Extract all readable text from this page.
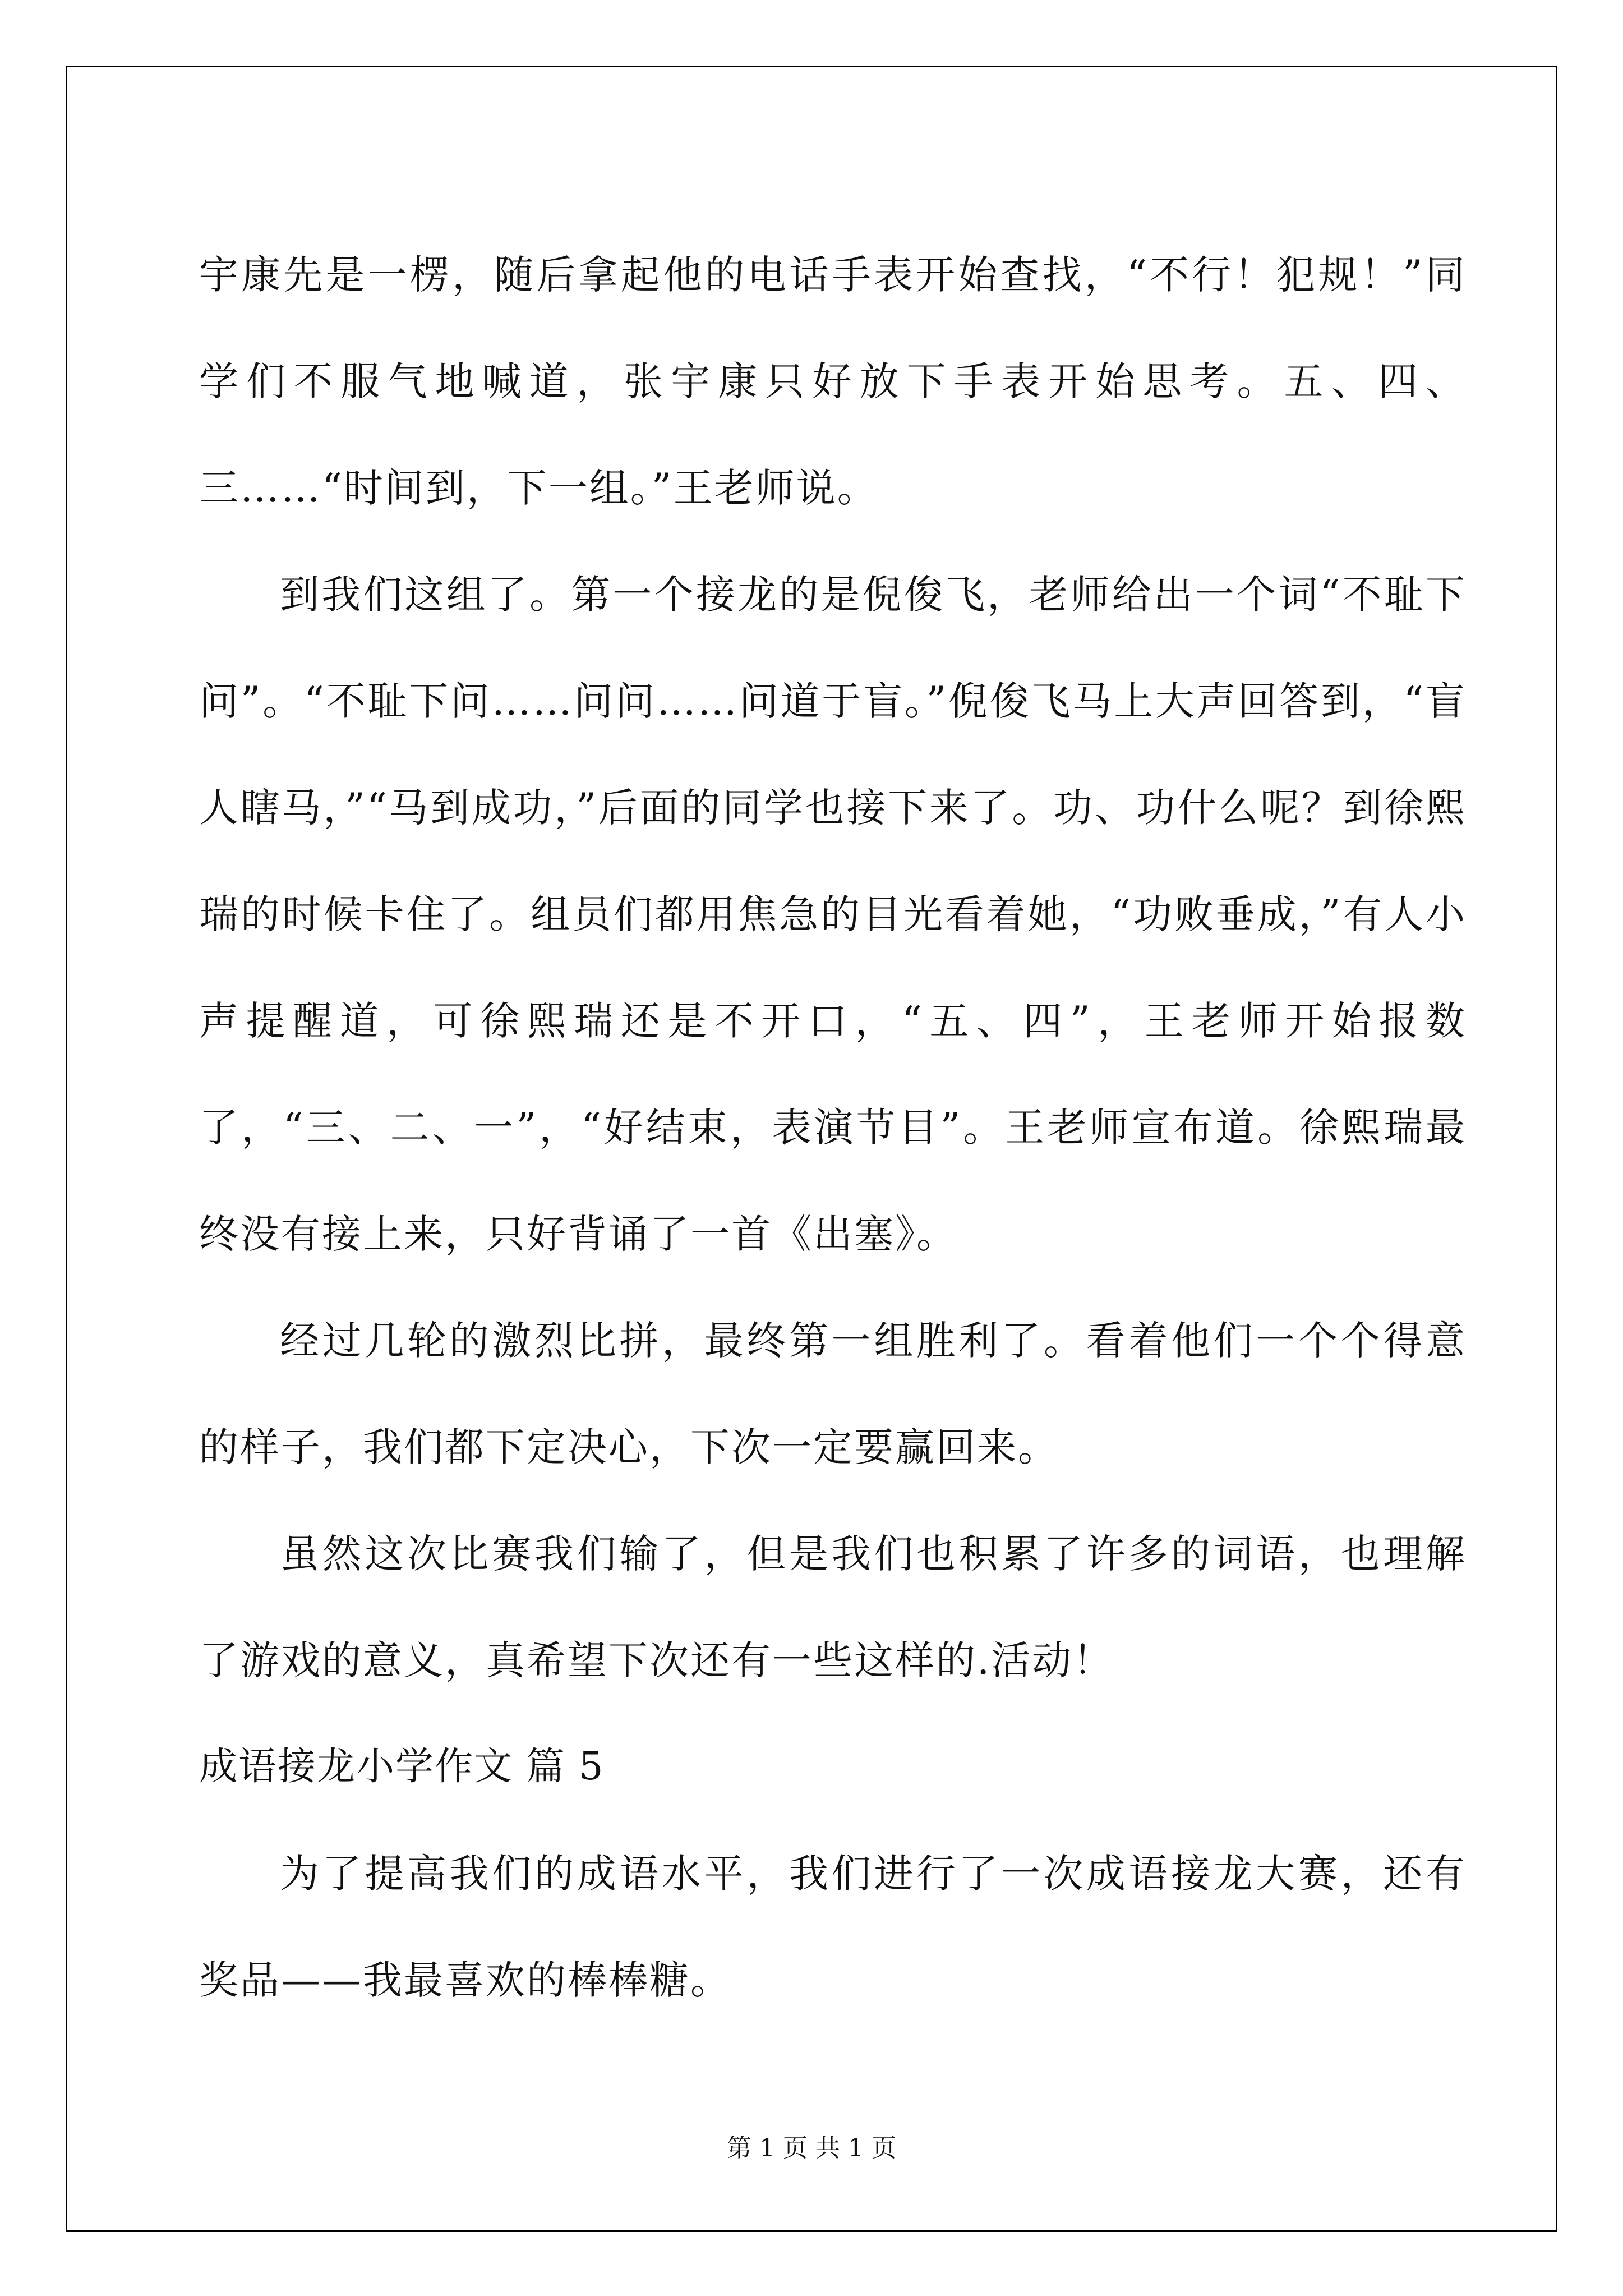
宇康先是一楞，随后拿起他的电话手表开始查找，“不行！犯规！”同学们不服气地喊道，张宇康只好放下手表开始思考。五、四、三……“时间到，下一组。”王老师说。

到我们这组了。第一个接龙的是倪俊飞，老师给出一个词“不耻下问”。“不耻下问……问问……问道于盲。”倪俊飞马上大声回答到，“盲人瞎马，”“马到成功，”后面的同学也接下来了。功、功什么呢？到徐熙瑞的时候卡住了。组员们都用焦急的目光看着她，“功败垂成，”有人小声提醒道，可徐熙瑞还是不开口，“五、四”，王老师开始报数了，“三、二、一”，“好结束，表演节目”。王老师宣布道。徐熙瑞最终没有接上来，只好背诵了一首《出塞》。

经过几轮的激烈比拼，最终第一组胜利了。看着他们一个个得意的样子，我们都下定决心，下次一定要赢回来。

虽然这次比赛我们输了，但是我们也积累了许多的词语，也理解了游戏的意义，真希望下次还有一些这样的.活动！

成语接龙小学作文 篇 5

为了提高我们的成语水平，我们进行了一次成语接龙大赛，还有奖品——我最喜欢的棒棒糖。

第 1 页 共 1 页
